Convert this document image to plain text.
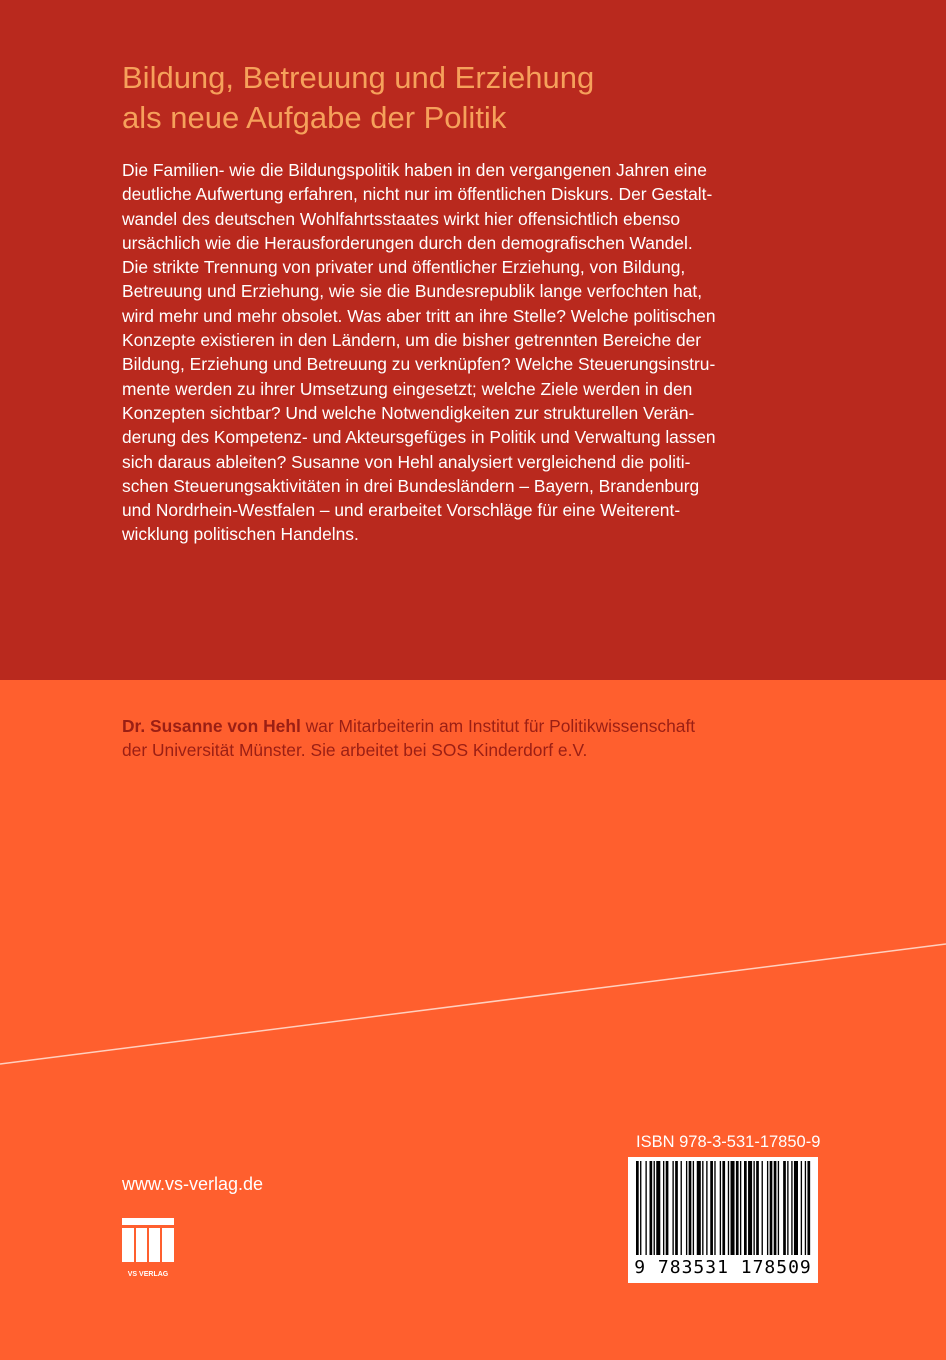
Bildung, Betreuung und Erziehung
als neue Aufgabe der Politik
Die Familien- wie die Bildungspolitik haben in den vergangenen Jahren eine
deutliche Aufwertung erfahren, nicht nur im öffentlichen Diskurs. Der Gestalt-
wandel des deutschen Wohlfahrtsstaates wirkt hier offensichtlich ebenso
ursächlich wie die Herausforderungen durch den demografischen Wandel.
Die strikte Trennung von privater und öffentlicher Erziehung, von Bildung,
Betreuung und Erziehung, wie sie die Bundesrepublik lange verfochten hat,
wird mehr und mehr obsolet. Was aber tritt an ihre Stelle? Welche politischen
Konzepte existieren in den Ländern, um die bisher getrennten Bereiche der
Bildung, Erziehung und Betreuung zu verknüpfen? Welche Steuerungsinstru-
mente werden zu ihrer Umsetzung eingesetzt; welche Ziele werden in den
Konzepten sichtbar? Und welche Notwendigkeiten zur strukturellen Verän-
derung des Kompetenz- und Akteursgefüges in Politik und Verwaltung lassen
sich daraus ableiten? Susanne von Hehl analysiert vergleichend die politi-
schen Steuerungsaktivitäten in drei Bundesländern – Bayern, Brandenburg
und Nordrhein-Westfalen – und erarbeitet Vorschläge für eine Weiterent-
wicklung politischen Handelns.
Dr. Susanne von Hehl war Mitarbeiterin am Institut für Politikwissenschaft
der Universität Münster. Sie arbeitet bei SOS Kinderdorf e.V.
www.vs-verlag.de
VS VERLAG
ISBN 978-3-531-17850-9
9 783531 178509
